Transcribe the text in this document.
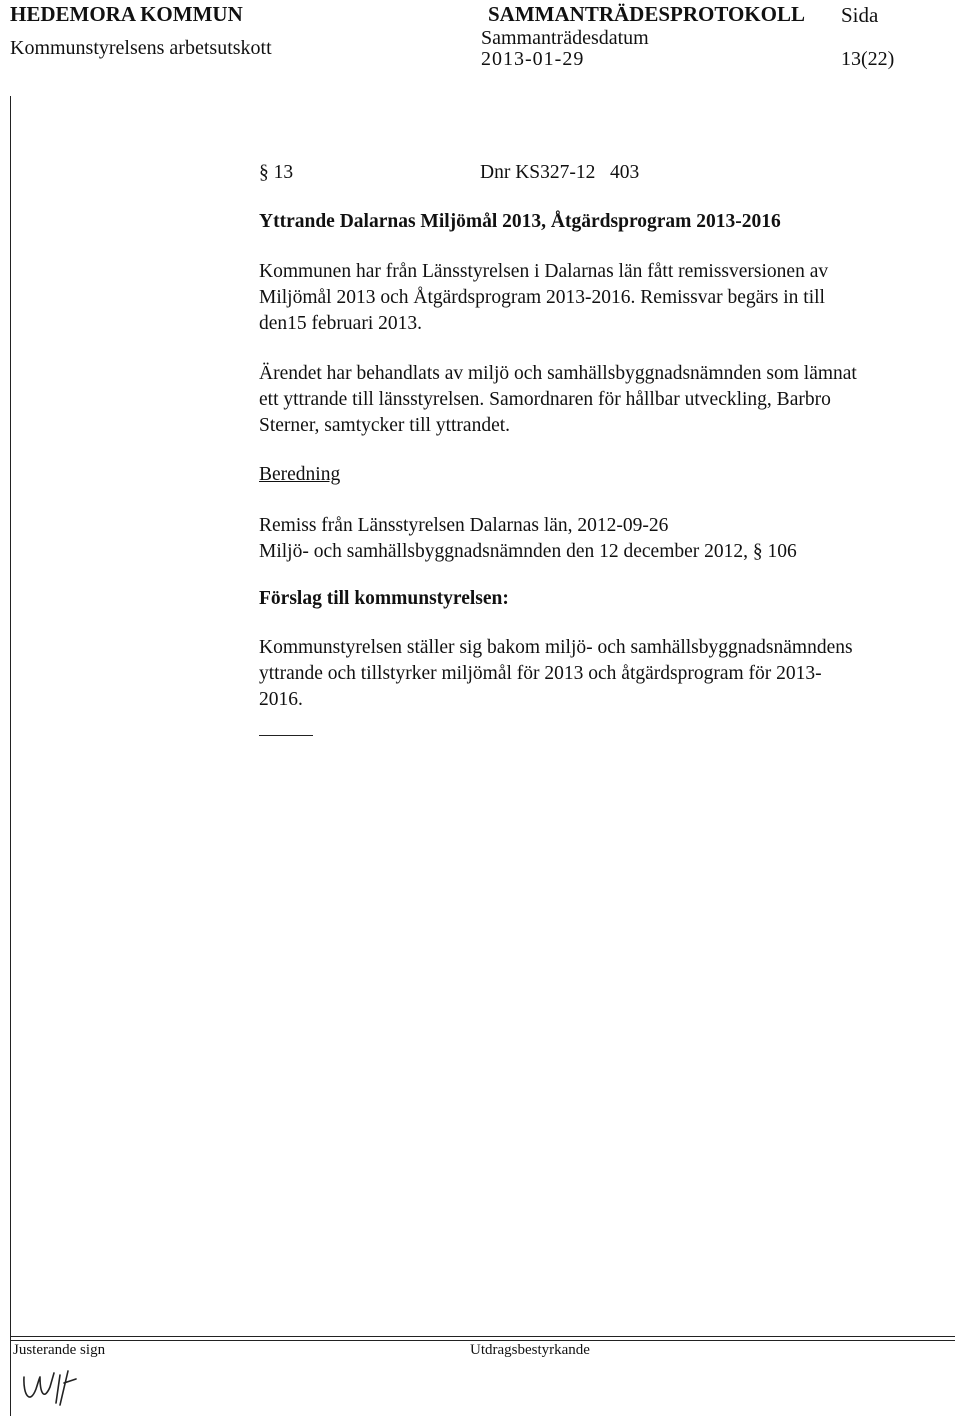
HEDEMORA KOMMUN	SAMMANTRÄDESPROTOKOLL Sida
Kommunstyrelsens arbetsutskott	Sammanträdesdatum
2013-01-29	13(22)
§ 13	Dnr KS327-12   403
Yttrande Dalarnas Miljömål 2013, Åtgärdsprogram 2013-2016
Kommunen har från Länsstyrelsen i Dalarnas län fått remissversionen av
Miljömål 2013 och Åtgärdsprogram 2013-2016. Remissvar begärs in till
den15 februari 2013.
Ärendet har behandlats av miljö och samhällsbyggnadsnämnden som lämnat
ett yttrande till länsstyrelsen. Samordnaren för hållbar utveckling, Barbro
Sterner, samtycker till yttrandet.
Beredning
Remiss från Länsstyrelsen Dalarnas län, 2012-09-26
Miljö- och samhällsbyggnadsnämnden den 12 december 2012, § 106
Förslag till kommunstyrelsen:
Kommunstyrelsen ställer sig bakom miljö- och samhällsbyggnadsnämndens
yttrande och tillstyrker miljömål för 2013 och åtgärdsprogram för 2013-
2016.
Justerande sign	Utdragsbestyrkande
